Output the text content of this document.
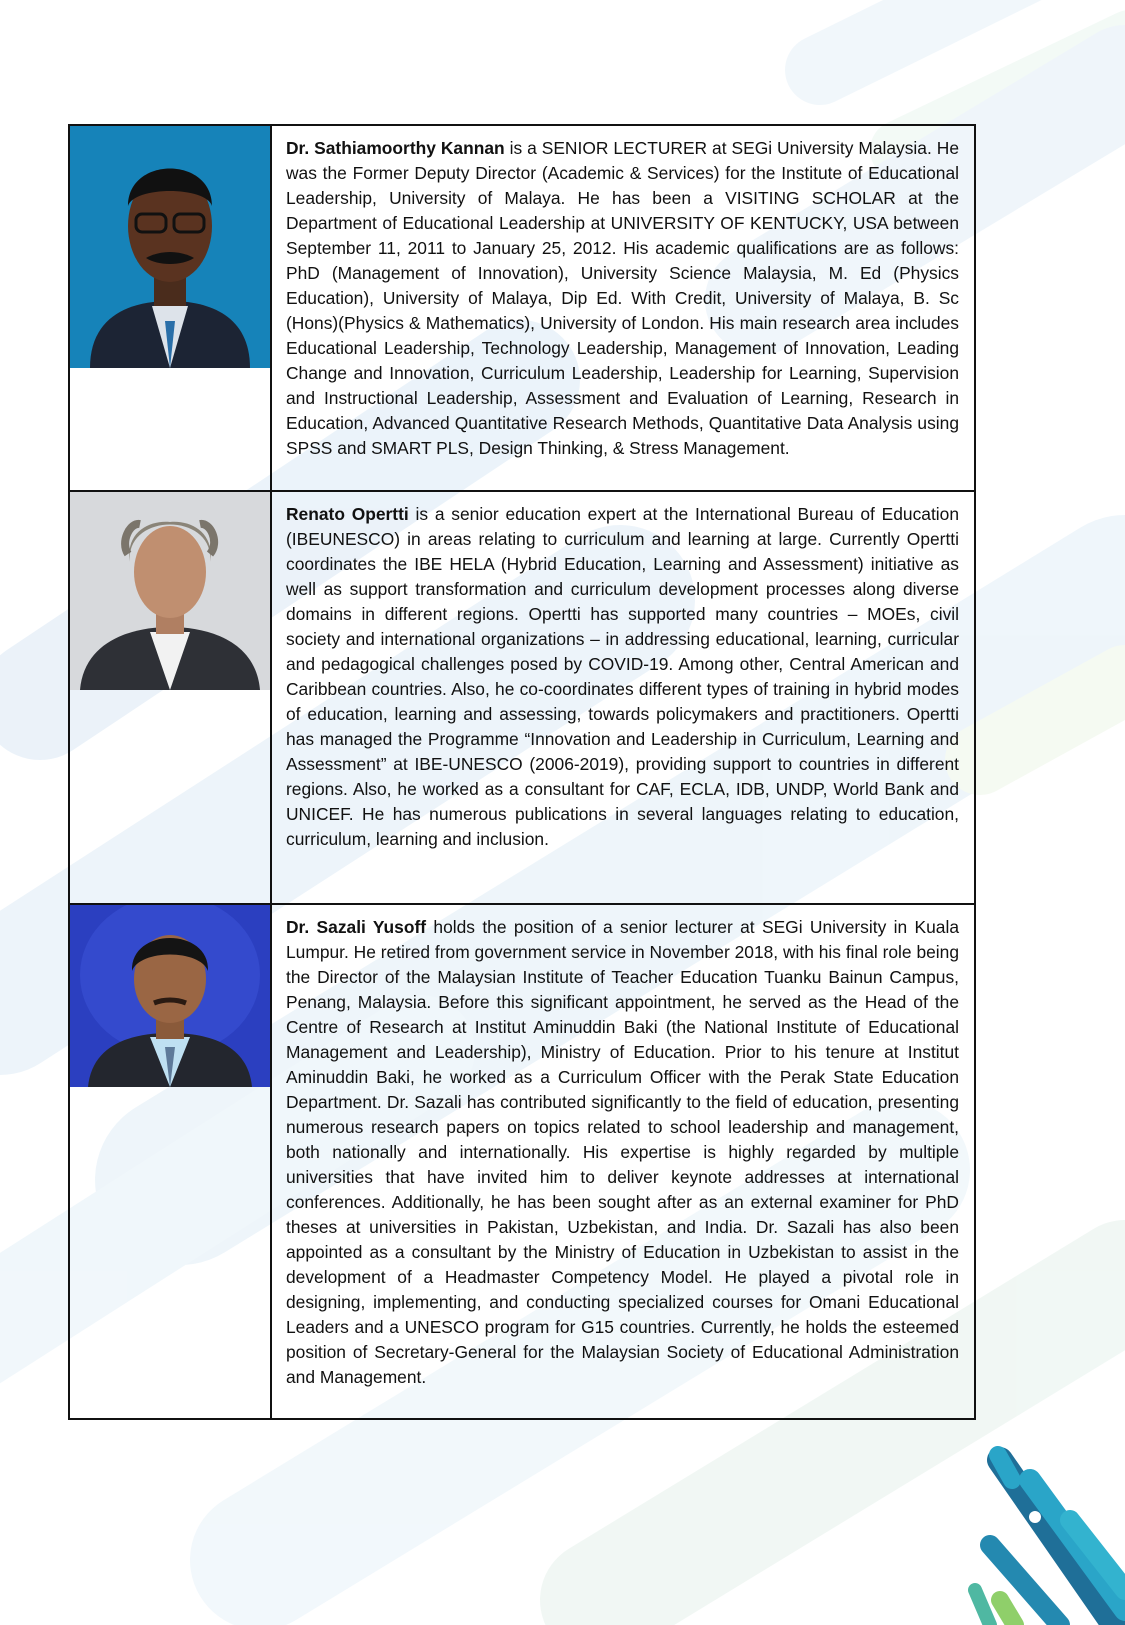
	Dr. Sathiamoorthy Kannan is a SENIOR LECTURER at SEGi University Malaysia. He was the Former Deputy Director (Academic & Services) for the Institute of Educational Leadership, University of Malaya. He has been a VISITING SCHOLAR at the Department of Educational Leadership at UNIVERSITY OF KENTUCKY, USA between September 11, 2011 to January 25, 2012. His academic qualifications are as follows: PhD (Management of Innovation), University Science Malaysia, M. Ed (Physics Education), University of Malaya, Dip Ed. With Credit, University of Malaya, B. Sc (Hons)(Physics & Mathematics), University of London. His main research area includes Educational Leadership, Technology Leadership, Management of Innovation, Leading Change and Innovation, Curriculum Leadership, Leadership for Learning, Supervision and Instructional Leadership, Assessment and Evaluation of Learning, Research in Education, Advanced Quantitative Research Methods, Quantitative Data Analysis using SPSS and SMART PLS, Design Thinking, & Stress Management.

	Renato Opertti is a senior education expert at the International Bureau of Education (IBEUNESCO) in areas relating to curriculum and learning at large. Currently Opertti coordinates the IBE HELA (Hybrid Education, Learning and Assessment) initiative as well as support transformation and curriculum development processes along diverse domains in different regions. Opertti has supported many countries – MOEs, civil society and international organizations – in addressing educational, learning, curricular and pedagogical challenges posed by COVID-19. Among other, Central American and Caribbean countries. Also, he co-coordinates different types of training in hybrid modes of education, learning and assessing, towards policymakers and practitioners. Opertti has managed the Programme “Innovation and Leadership in Curriculum, Learning and Assessment” at IBE-UNESCO (2006-2019), providing support to countries in different regions. Also, he worked as a consultant for CAF, ECLA, IDB, UNDP, World Bank and UNICEF. He has numerous publications in several languages relating to education, curriculum, learning and inclusion.

	Dr. Sazali Yusoff holds the position of a senior lecturer at SEGi University in Kuala Lumpur. He retired from government service in November 2018, with his final role being the Director of the Malaysian Institute of Teacher Education Tuanku Bainun Campus, Penang, Malaysia. Before this significant appointment, he served as the Head of the Centre of Research at Institut Aminuddin Baki (the National Institute of Educational Management and Leadership), Ministry of Education. Prior to his tenure at Institut Aminuddin Baki, he worked as a Curriculum Officer with the Perak State Education Department. Dr. Sazali has contributed significantly to the field of education, presenting numerous research papers on topics related to school leadership and management, both nationally and internationally. His expertise is highly regarded by multiple universities that have invited him to deliver keynote addresses at international conferences. Additionally, he has been sought after as an external examiner for PhD theses at universities in Pakistan, Uzbekistan, and India. Dr. Sazali has also been appointed as a consultant by the Ministry of Education in Uzbekistan to assist in the development of a Headmaster Competency Model. He played a pivotal role in designing, implementing, and conducting specialized courses for Omani Educational Leaders and a UNESCO program for G15 countries. Currently, he holds the esteemed position of Secretary-General for the Malaysian Society of Educational Administration and Management.
